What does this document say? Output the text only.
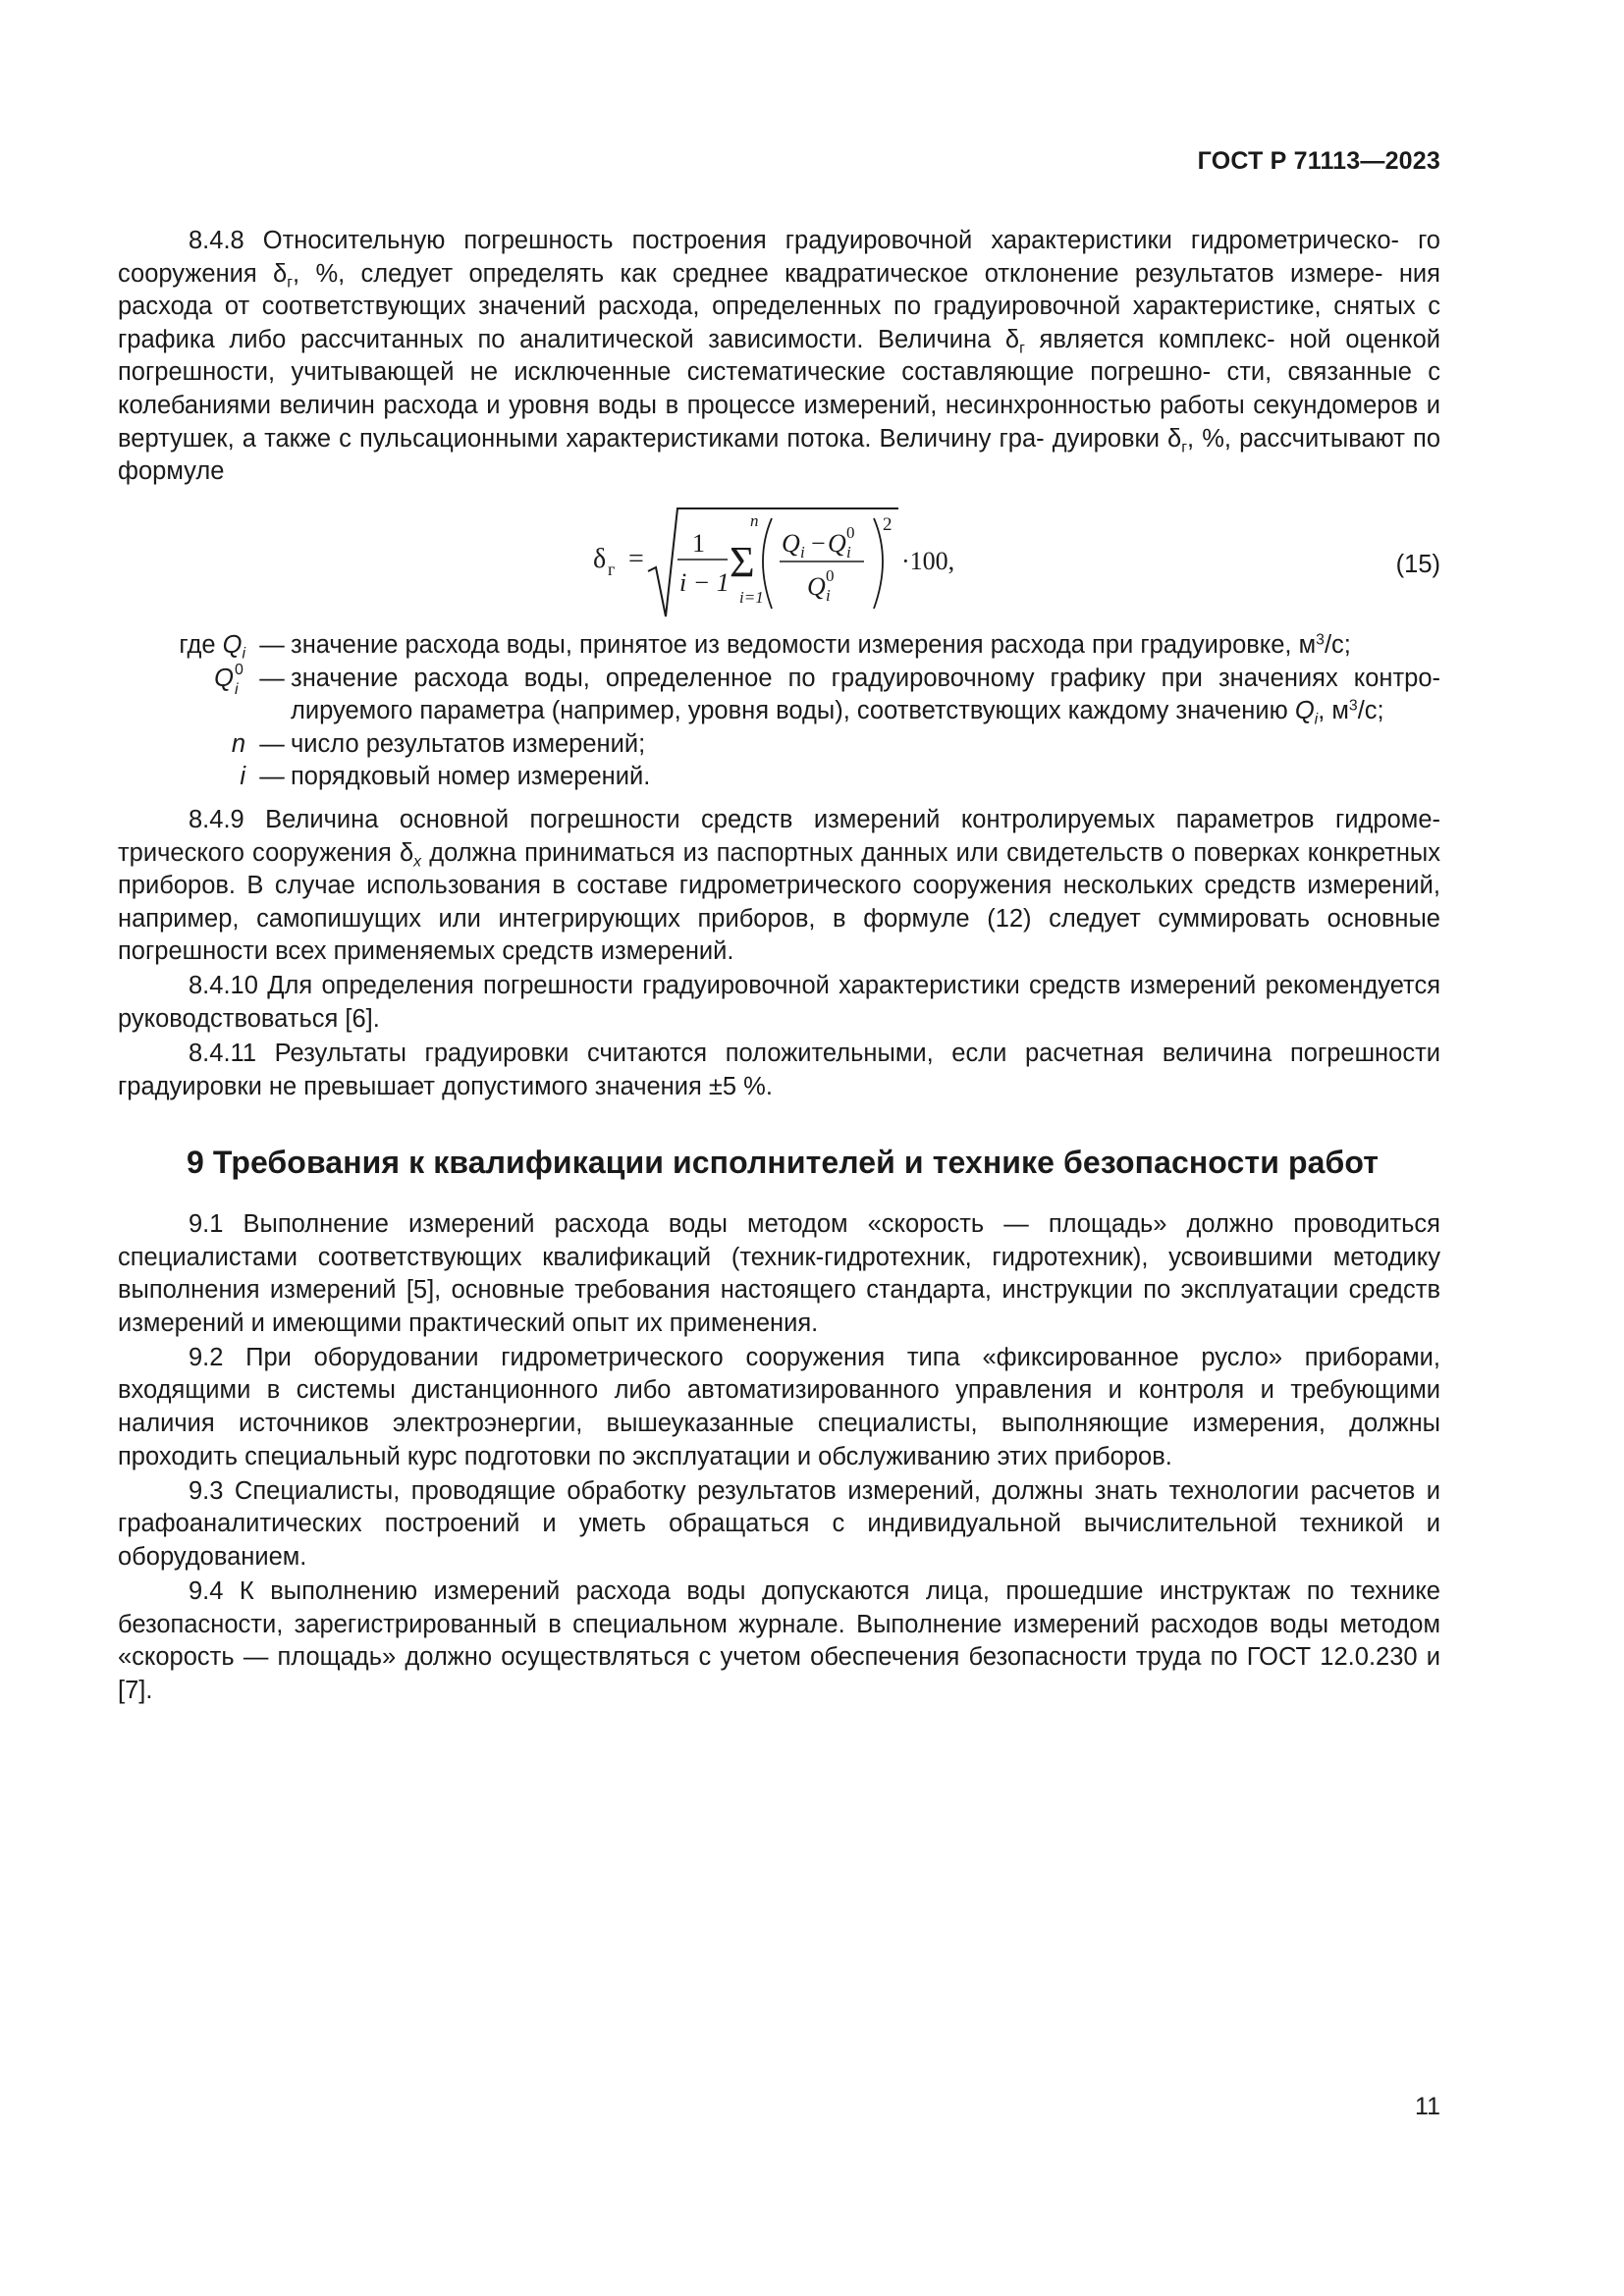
ГОСТ Р 71113—2023

8.4.8 Относительную погрешность построения градуировочной характеристики гидрометрическо- го сооружения $\delta_г$, %, следует определять как среднее квадратическое отклонение результатов измере- ния расхода от соответствующих значений расхода, определенных по градуировочной характеристике, снятых с графика либо рассчитанных по аналитической зависимости. Величина $\delta_г$ является комплекс- ной оценкой погрешности, учитывающей не исключенные систематические составляющие погрешно- сти, связанные с колебаниями величин расхода и уровня воды в процессе измерений, несинхронностью работы секундомеров и вертушек, а также с пульсационными характеристиками потока. Величину гра- дуировки $\delta_г$, %, рассчитывают по формуле

δ г =
1
i − 1
n
Σ
i=1
Q i − Q 0
i
Q 0
i
2
·100,	(15)
где $Q_i$ — значение расхода воды, принятое из ведомости измерения расхода при градуировке, $м^3/с$;
Q i
0 — значение расхода воды, определенное по градуировочному графику при значениях контро- лируемого параметра (например, уровня воды), соответствующих каждому значению $Q_i$, $м^3/с$;
n — число результатов измерений;
i — порядковый номер измерений.

8.4.9 Величина основной погрешности средств измерений контролируемых параметров гидроме-трического сооружения $\delta_x$ должна приниматься из паспортных данных или свидетельств о поверках конкретных приборов. В случае использования в составе гидрометрического сооружения нескольких средств измерений, например, самопишущих или интегрирующих приборов, в формуле (12) следует суммировать основные погрешности всех применяемых средств измерений.

8.4.10 Для определения погрешности градуировочной характеристики средств измерений рекомендуется руководствоваться [6].

8.4.11 Результаты градуировки считаются положительными, если расчетная величина погрешности градуировки не превышает допустимого значения ±5 %.

9 Требования к квалификации исполнителей и технике безопасности работ

9.1 Выполнение измерений расхода воды методом «скорость — площадь» должно проводиться специалистами соответствующих квалификаций (техник-гидротехник, гидротехник), усвоившими методику выполнения измерений [5], основные требования настоящего стандарта, инструкции по эксплуатации средств измерений и имеющими практический опыт их применения.

9.2 При оборудовании гидрометрического сооружения типа «фиксированное русло» приборами, входящими в системы дистанционного либо автоматизированного управления и контроля и требующими наличия источников электроэнергии, вышеуказанные специалисты, выполняющие измерения, должны проходить специальный курс подготовки по эксплуатации и обслуживанию этих приборов.

9.3 Специалисты, проводящие обработку результатов измерений, должны знать технологии расчетов и графоаналитических построений и уметь обращаться с индивидуальной вычислительной техникой и оборудованием.

9.4 К выполнению измерений расхода воды допускаются лица, прошедшие инструктаж по технике безопасности, зарегистрированный в специальном журнале. Выполнение измерений расходов воды методом «скорость — площадь» должно осуществляться с учетом обеспечения безопасности труда по ГОСТ 12.0.230 и [7].

11
